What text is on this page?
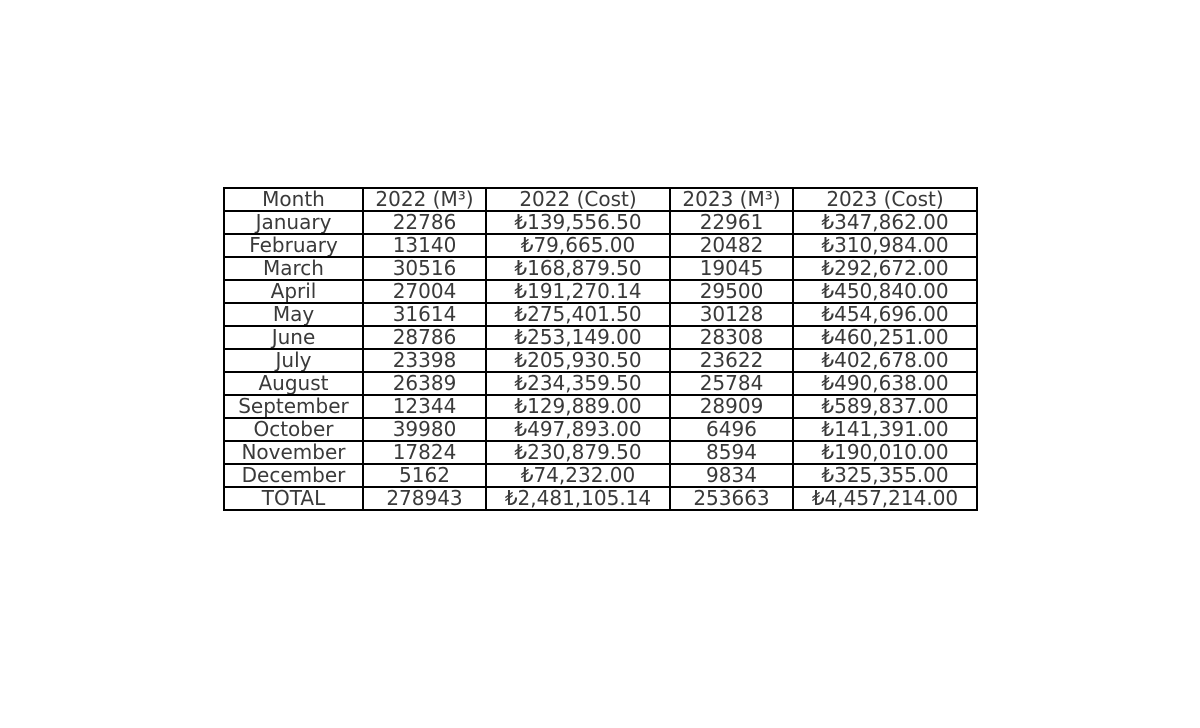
Month	2022 (M³)	2022 (Cost)	2023 (M³)	2023 (Cost)
January	22786	₺139,556.50	22961	₺347,862.00
February	13140	₺79,665.00	20482	₺310,984.00
March	30516	₺168,879.50	19045	₺292,672.00
April	27004	₺191,270.14	29500	₺450,840.00
May	31614	₺275,401.50	30128	₺454,696.00
June	28786	₺253,149.00	28308	₺460,251.00
July	23398	₺205,930.50	23622	₺402,678.00
August	26389	₺234,359.50	25784	₺490,638.00
September	12344	₺129,889.00	28909	₺589,837.00
October	39980	₺497,893.00	6496	₺141,391.00
November	17824	₺230,879.50	8594	₺190,010.00
December	5162	₺74,232.00	9834	₺325,355.00
TOTAL	278943	₺2,481,105.14	253663	₺4,457,214.00
